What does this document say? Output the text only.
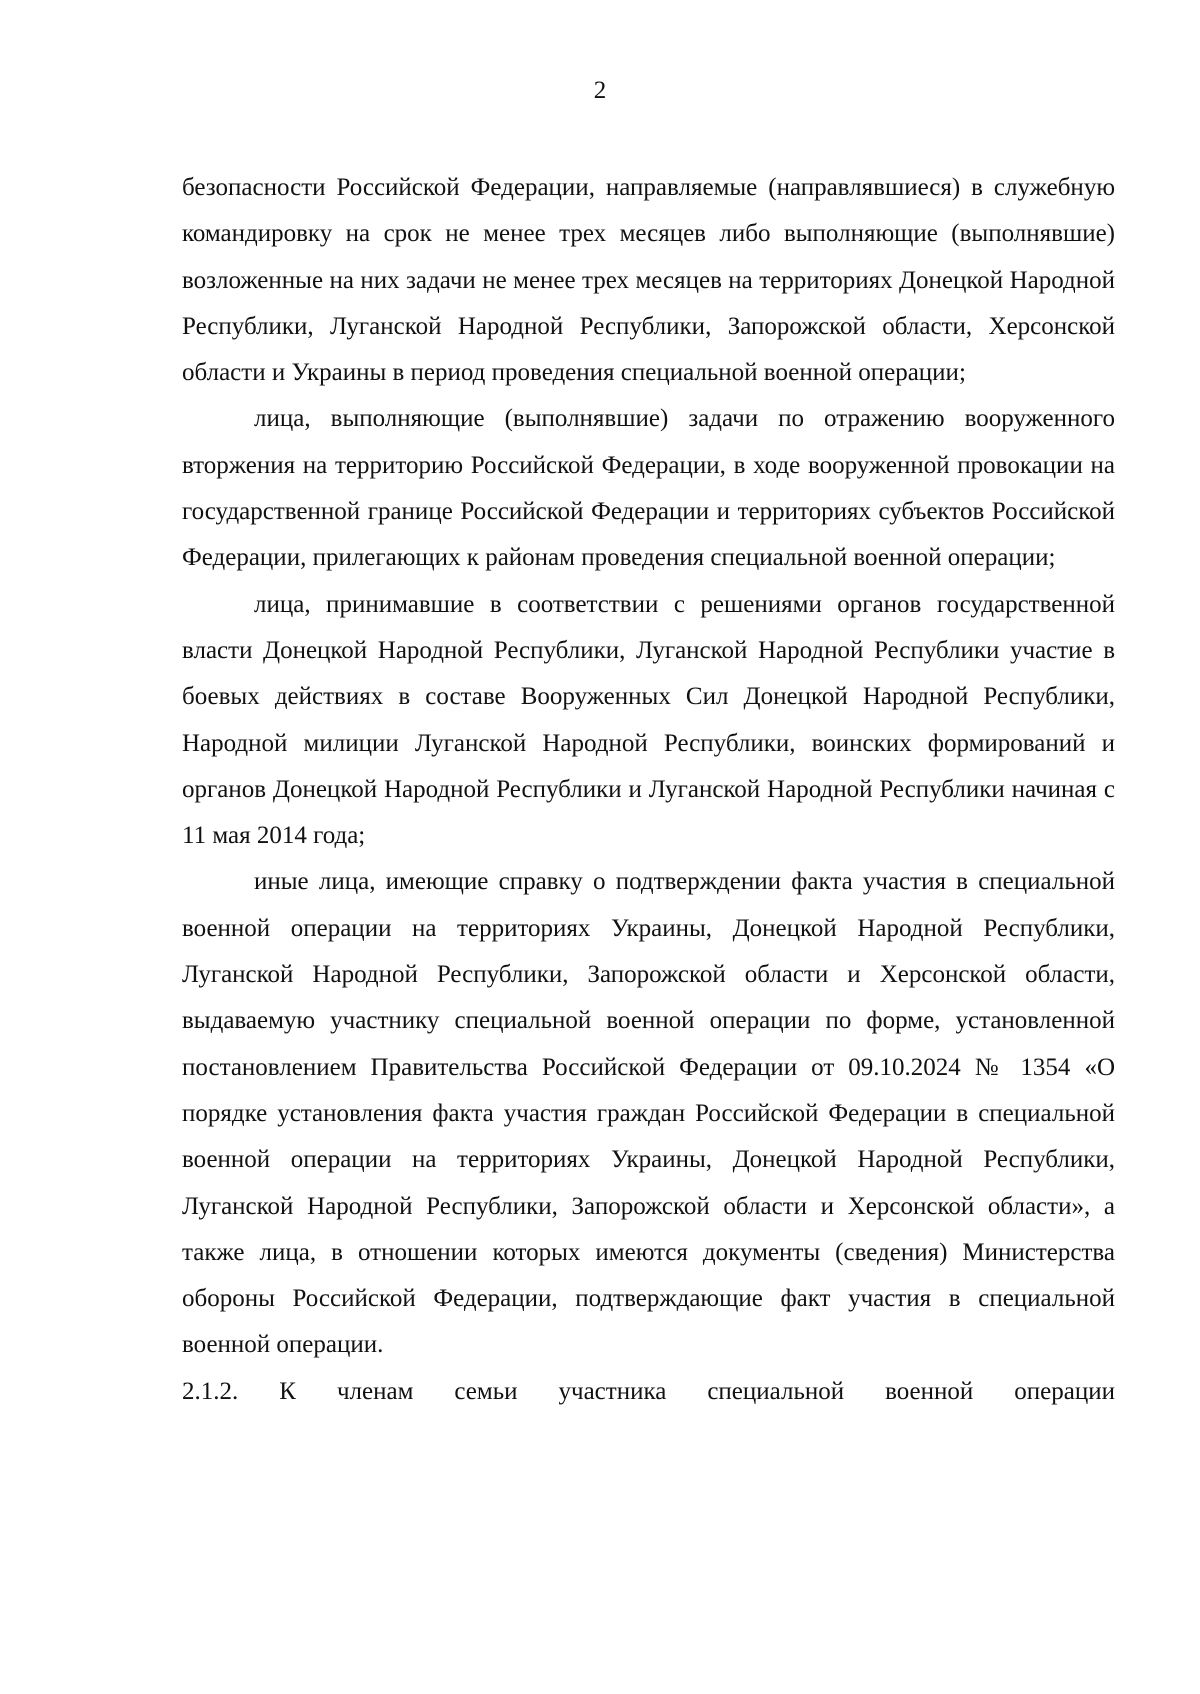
2

безопасности Российской Федерации, направляемые (направлявшиеся) в служебную командировку на срок не менее трех месяцев либо выполняющие (выполнявшие) возложенные на них задачи не менее трех месяцев на территориях Донецкой Народной Республики, Луганской Народной Республики, Запорожской области, Херсонской области и Украины в период проведения специальной военной операции;

лица, выполняющие (выполнявшие) задачи по отражению вооруженного вторжения на территорию Российской Федерации, в ходе вооруженной провокации на государственной границе Российской Федерации и территориях субъектов Российской Федерации, прилегающих к районам проведения специальной военной операции;

лица, принимавшие в соответствии с решениями органов государственной власти Донецкой Народной Республики, Луганской Народной Республики участие в боевых действиях в составе Вооруженных Сил Донецкой Народной Республики, Народной милиции Луганской Народной Республики, воинских формирований и органов Донецкой Народной Республики и Луганской Народной Республики начиная с 11 мая 2014 года;

иные лица, имеющие справку о подтверждении факта участия в специальной военной операции на территориях Украины, Донецкой Народной Республики, Луганской Народной Республики, Запорожской области и Херсонской области, выдаваемую участнику специальной военной операции по форме, установленной постановлением Правительства Российской Федерации от 09.10.2024 № 1354 «О порядке установления факта участия граждан Российской Федерации в специальной военной операции на территориях Украины, Донецкой Народной Республики, Луганской Народной Республики, Запорожской области и Херсонской области», а также лица, в отношении которых имеются документы (сведения) Министерства обороны Российской Федерации, подтверждающие факт участия в специальной военной операции.

2.1.2. К членам семьи участника специальной военной операции
